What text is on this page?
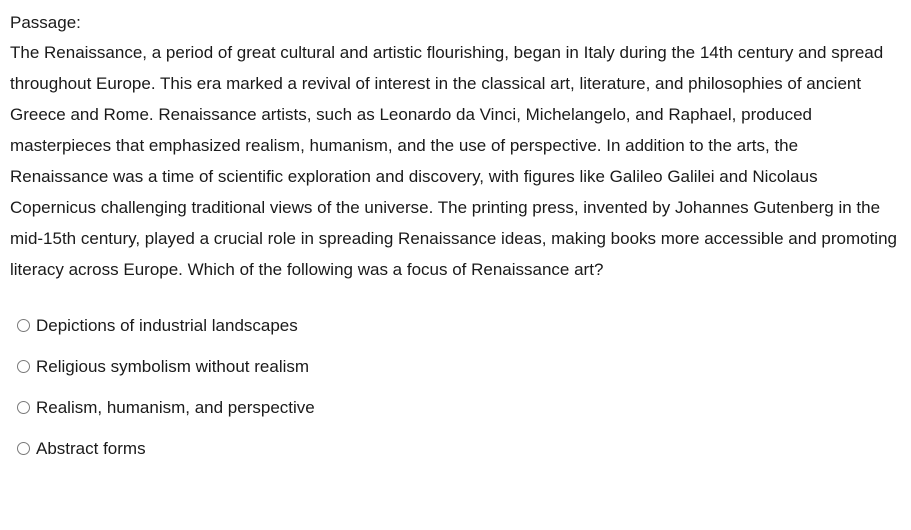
Passage:
The Renaissance, a period of great cultural and artistic flourishing, began in Italy during the 14th century and spread throughout Europe. This era marked a revival of interest in the classical art, literature, and philosophies of ancient Greece and Rome. Renaissance artists, such as Leonardo da Vinci, Michelangelo, and Raphael, produced masterpieces that emphasized realism, humanism, and the use of perspective. In addition to the arts, the Renaissance was a time of scientific exploration and discovery, with figures like Galileo Galilei and Nicolaus Copernicus challenging traditional views of the universe. The printing press, invented by Johannes Gutenberg in the mid-15th century, played a crucial role in spreading Renaissance ideas, making books more accessible and promoting literacy across Europe. Which of the following was a focus of Renaissance art?
Depictions of industrial landscapes
Religious symbolism without realism
Realism, humanism, and perspective
Abstract forms
